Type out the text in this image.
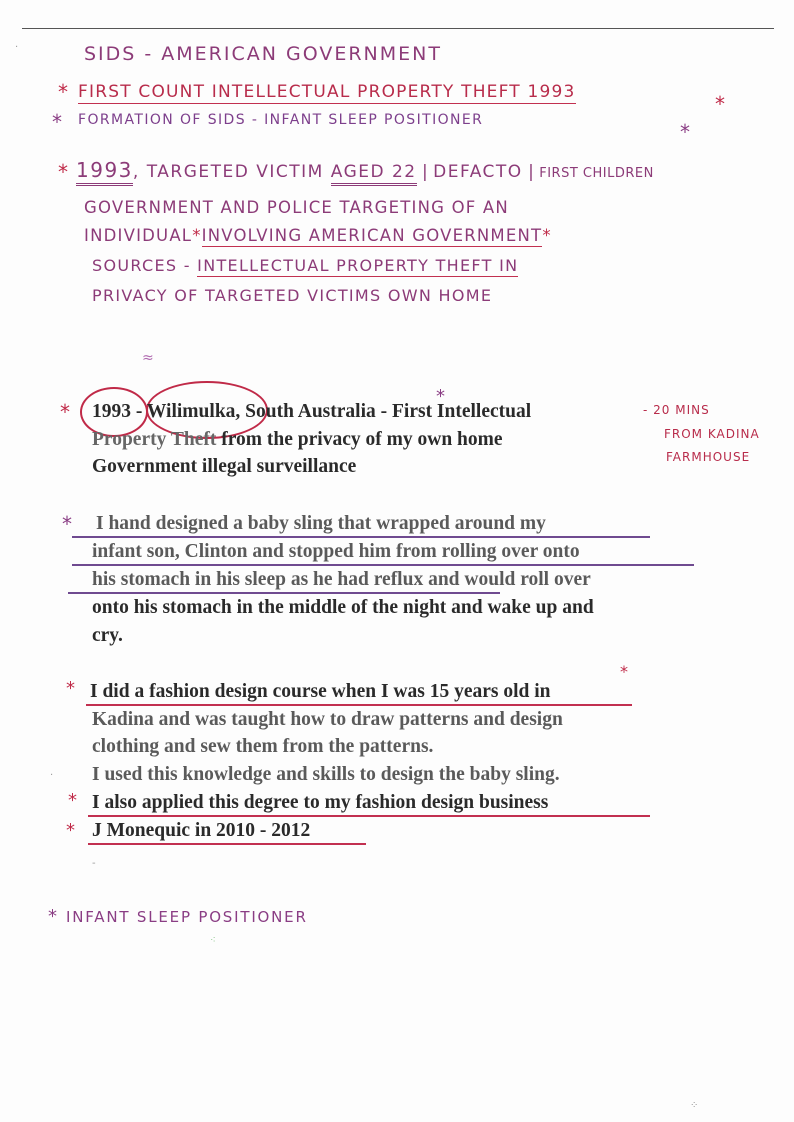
SIDS - AMERICAN GOVERNMENT
* FIRST COUNT INTELLECTUAL PROPERTY THEFT 1993	*
* FORMATION OF SIDS - INFANT SLEEP POSITIONER	*
* 1993, TARGETED VICTIM AGED 22 | DEFACTO | FIRST CHILDREN
GOVERNMENT AND POLICE TARGETING OF AN
INDIVIDUAL*INVOLVING AMERICAN GOVERNMENT*
SOURCES - INTELLECTUAL PROPERTY THEFT IN
PRIVACY OF TARGETED VICTIMS OWN HOME
≈
·
*
*
1993 - Wilimulka, South Australia - First Intellectual
Property Theft from the privacy of my own home
Government illegal surveillance
- 20 MINS
FROM KADINA
FARMHOUSE
* I hand designed a baby sling that wrapped around my
infant son, Clinton and stopped him from rolling over onto
his stomach in his sleep as he had reflux and would roll over
onto his stomach in the middle of the night and wake up and
cry.
*
*
I did a fashion design course when I was 15 years old in
Kadina and was taught how to draw patterns and design
clothing and sew them from the patterns.
I used this knowledge and skills to design the baby sling.
* I also applied this degree to my fashion design business
* J Monequic in 2010 - 2012
·
-
* INFANT SLEEP POSITIONER
⁖
⁘
